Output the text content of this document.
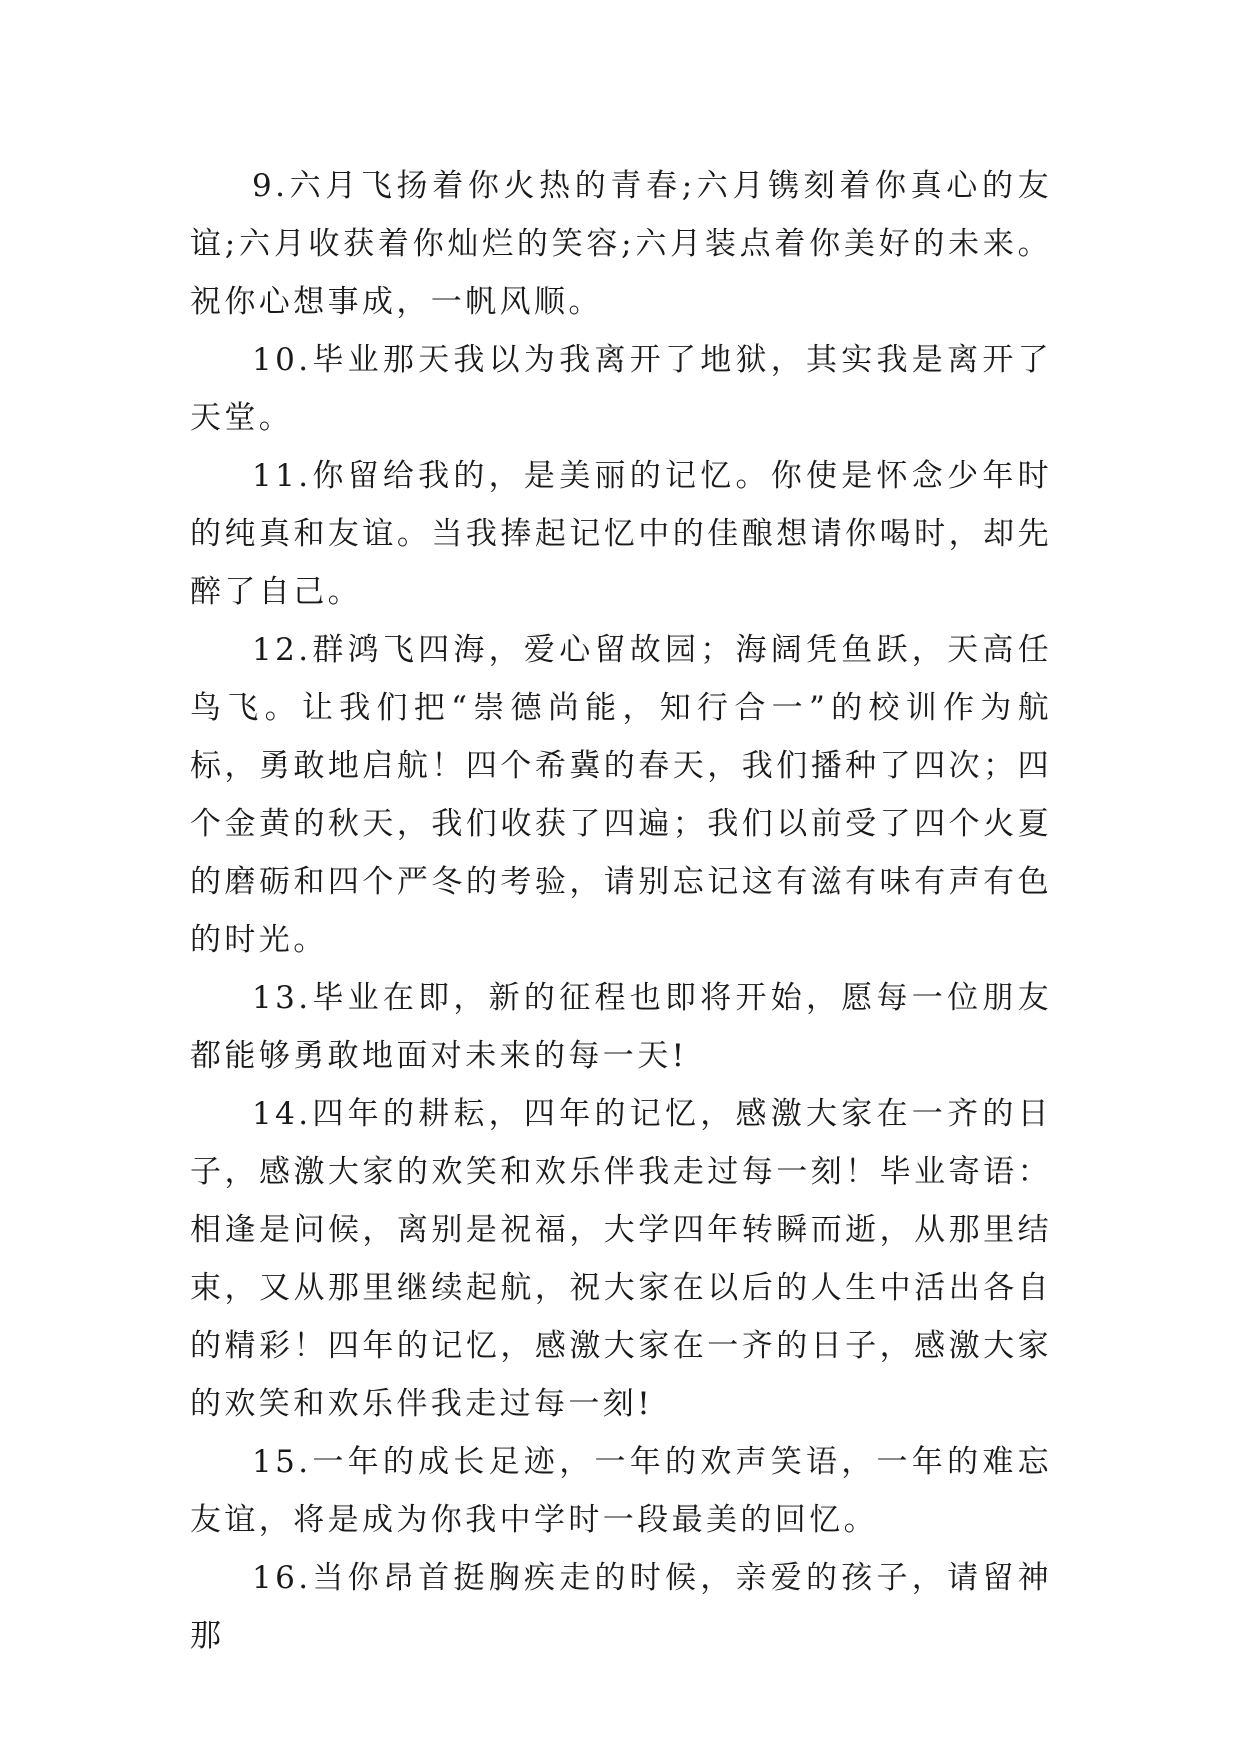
9.六月飞扬着你火热的青春;六月镌刻着你真心的友谊;六月收获着你灿烂的笑容;六月装点着你美好的未来。祝你心想事成，一帆风顺。

10.毕业那天我以为我离开了地狱，其实我是离开了天堂。

11.你留给我的，是美丽的记忆。你使是怀念少年时的纯真和友谊。当我捧起记忆中的佳酿想请你喝时，却先醉了自己。

12.群鸿飞四海，爱心留故园；海阔凭鱼跃，天高任鸟飞。让我们把“崇德尚能，知行合一”的校训作为航标，勇敢地启航！四个希冀的春天，我们播种了四次；四个金黄的秋天，我们收获了四遍；我们以前受了四个火夏的磨砺和四个严冬的考验，请别忘记这有滋有味有声有色的时光。

13.毕业在即，新的征程也即将开始，愿每一位朋友都能够勇敢地面对未来的每一天!

14.四年的耕耘，四年的记忆，感激大家在一齐的日子，感激大家的欢笑和欢乐伴我走过每一刻！毕业寄语：相逢是问候，离别是祝福，大学四年转瞬而逝，从那里结束，又从那里继续起航，祝大家在以后的人生中活出各自的精彩！四年的记忆，感激大家在一齐的日子，感激大家的欢笑和欢乐伴我走过每一刻!

15.一年的成长足迹，一年的欢声笑语，一年的难忘友谊，将是成为你我中学时一段最美的回忆。

16.当你昂首挺胸疾走的时候，亲爱的孩子，请留神那
